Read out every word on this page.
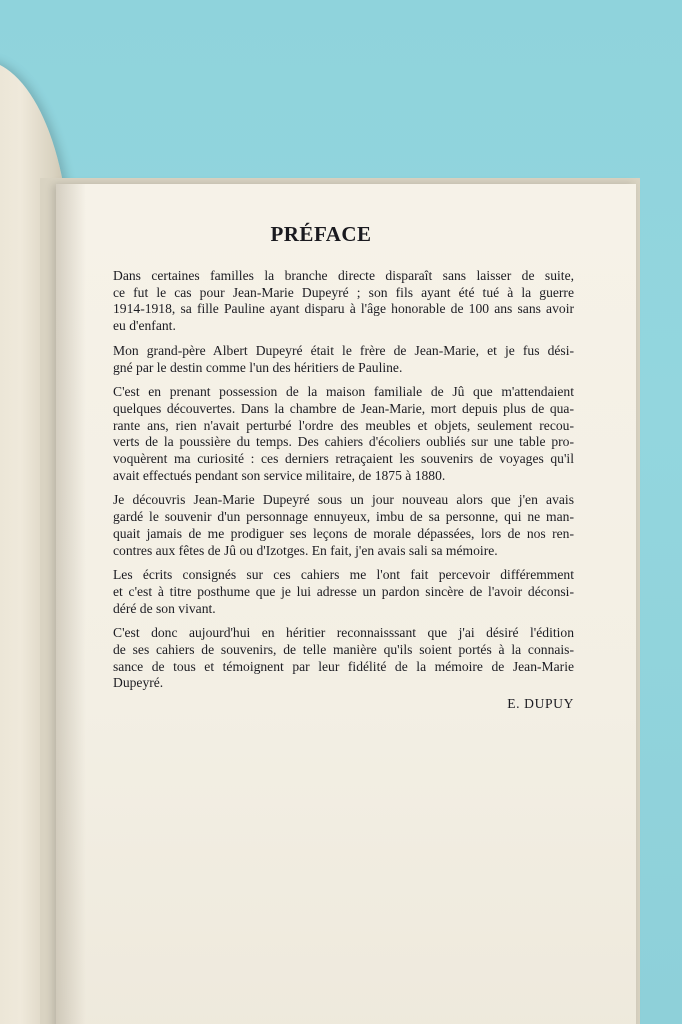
PRÉFACE

Dans certaines familles la branche directe disparaît sans laisser de suite,
ce fut le cas pour Jean-Marie Dupeyré ; son fils ayant été tué à la guerre
1914-1918, sa fille Pauline ayant disparu à l'âge honorable de 100 ans sans avoir
eu d'enfant.

Mon grand-père Albert Dupeyré était le frère de Jean-Marie, et je fus dési-
gné par le destin comme l'un des héritiers de Pauline.

C'est en prenant possession de la maison familiale de Jû que m'attendaient
quelques découvertes. Dans la chambre de Jean-Marie, mort depuis plus de qua-
rante ans, rien n'avait perturbé l'ordre des meubles et objets, seulement recou-
verts de la poussière du temps. Des cahiers d'écoliers oubliés sur une table pro-
voquèrent ma curiosité : ces derniers retraçaient les souvenirs de voyages qu'il
avait effectués pendant son service militaire, de 1875 à 1880.

Je découvris Jean-Marie Dupeyré sous un jour nouveau alors que j'en avais
gardé le souvenir d'un personnage ennuyeux, imbu de sa personne, qui ne man-
quait jamais de me prodiguer ses leçons de morale dépassées, lors de nos ren-
contres aux fêtes de Jû ou d'Izotges. En fait, j'en avais sali sa mémoire.

Les écrits consignés sur ces cahiers me l'ont fait percevoir différemment
et c'est à titre posthume que je lui adresse un pardon sincère de l'avoir déconsi-
déré de son vivant.

C'est donc aujourd'hui en héritier reconnaisssant que j'ai désiré l'édition
de ses cahiers de souvenirs, de telle manière qu'ils soient portés à la connais-
sance de tous et témoignent par leur fidélité de la mémoire de Jean-Marie
Dupeyré.

E. DUPUY
